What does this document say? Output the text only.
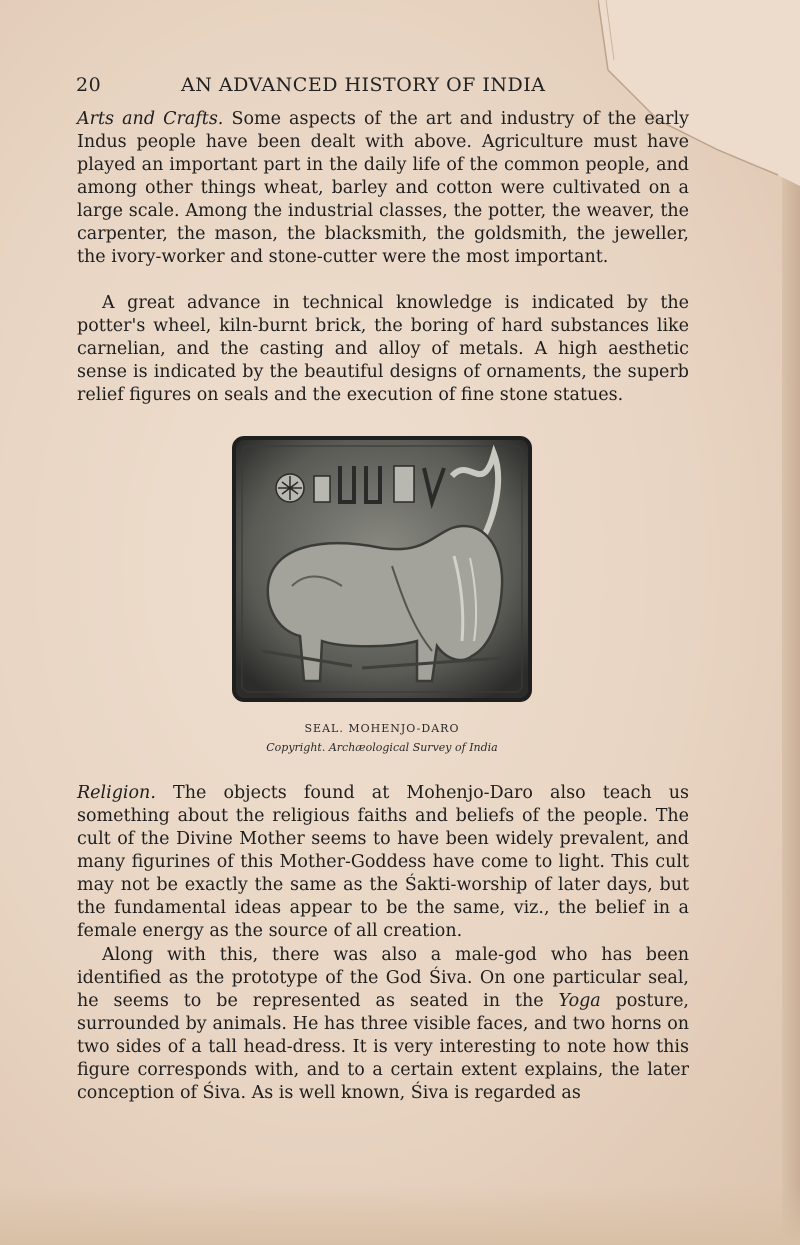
20	AN ADVANCED HISTORY OF INDIA

Arts and Crafts. Some aspects of the art and industry of the early Indus people have been dealt with above. Agriculture must have played an important part in the daily life of the common people, and among other things wheat, barley and cotton were cultivated on a large scale. Among the industrial classes, the potter, the weaver, the carpenter, the mason, the blacksmith, the goldsmith, the jeweller, the ivory-worker and stone-cutter were the most important.

A great advance in technical knowledge is indicated by the potter's wheel, kiln-burnt brick, the boring of hard substances like carnelian, and the casting and alloy of metals. A high aesthetic sense is indicated by the beautiful designs of ornaments, the superb relief figures on seals and the execution of fine stone statues.

SEAL. MOHENJO-DARO
Copyright. Archæological Survey of India

Religion. The objects found at Mohenjo-Daro also teach us something about the religious faiths and beliefs of the people. The cult of the Divine Mother seems to have been widely prevalent, and many figurines of this Mother-Goddess have come to light. This cult may not be exactly the same as the Śakti-worship of later days, but the fundamental ideas appear to be the same, viz., the belief in a female energy as the source of all creation.

Along with this, there was also a male-god who has been identified as the prototype of the God Śiva. On one particular seal, he seems to be represented as seated in the Yoga posture, surrounded by animals. He has three visible faces, and two horns on two sides of a tall head-dress. It is very interesting to note how this figure corresponds with, and to a certain extent explains, the later conception of Śiva. As is well known, Śiva is regarded as
